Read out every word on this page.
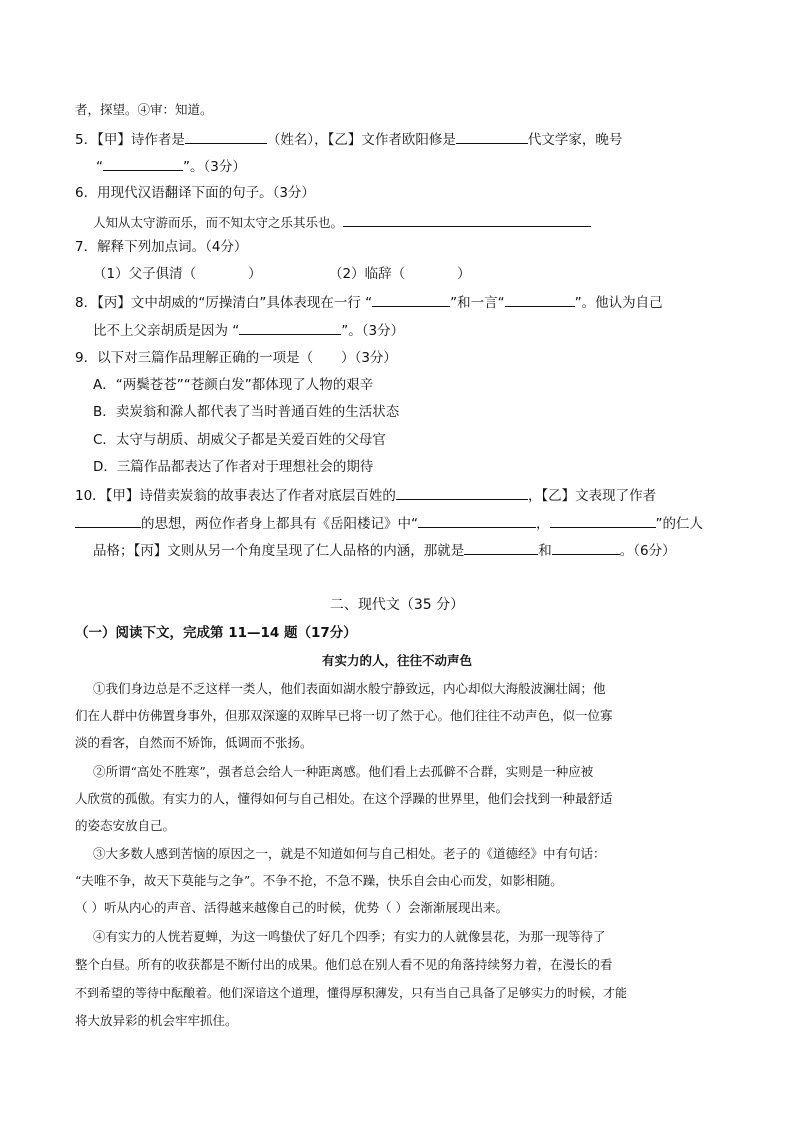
者，探望。④审：知道。
5．【甲】诗作者是	（姓名），【乙】文作者欧阳修是	代文学家，晚号
“	”。（3分）
6．用现代汉语翻译下面的句子。（3分）
人知从太守游而乐，而不知太守之乐其乐也。
7．解释下列加点词。（4分）
（1）父子俱清（	）	（2）临辞（	）
8．【丙】文中胡威的“厉操清白”具体表现在一行 “	”和一言“	”。他认为自己
比不上父亲胡质是因为 “	”。（3分）
9．以下对三篇作品理解正确的一项是（ ）（3分）
A．“两鬓苍苍”“苍颜白发”都体现了人物的艰辛
B．卖炭翁和滁人都代表了当时普通百姓的生活状态
C．太守与胡质、胡威父子都是关爱百姓的父母官
D．三篇作品都表达了作者对于理想社会的期待
10．【甲】诗借卖炭翁的故事表达了作者对底层百姓的	，【乙】文表现了作者
的思想，两位作者身上都具有《岳阳楼记》中“	，	”的仁人
品格；【丙】文则从另一个角度呈现了仁人品格的内涵，那就是	和	。（6分）
二、现代文（35 分）
（一）阅读下文，完成第 11—14 题（17分）
有实力的人，往往不动声色
①我们身边总是不乏这样一类人，他们表面如湖水般宁静致远，内心却似大海般波澜壮阔；他
们在人群中仿佛置身事外，但那双深邃的双眸早已将一切了然于心。他们往往不动声色，似一位寡
淡的看客，自然而不矫饰，低调而不张扬。
②所谓“高处不胜寒”，强者总会给人一种距离感。他们看上去孤僻不合群，实则是一种应被
人欣赏的孤傲。有实力的人，懂得如何与自己相处。在这个浮躁的世界里，他们会找到一种最舒适
的姿态安放自己。
③大多数人感到苦恼的原因之一，就是不知道如何与自己相处。老子的《道德经》中有句话：
“夫唯不争，故天下莫能与之争”。不争不抢，不急不躁，快乐自会由心而发，如影相随。
（ ）听从内心的声音、活得越来越像自己的时候，优势（ ）会渐渐展现出来。
④有实力的人恍若夏蝉，为这一鸣蛰伏了好几个四季；有实力的人就像昙花，为那一现等待了
整个白昼。所有的收获都是不断付出的成果。他们总在别人看不见的角落持续努力着，在漫长的看
不到希望的等待中酝酿着。他们深谙这个道理，懂得厚积薄发，只有当自己具备了足够实力的时候，才能
将大放异彩的机会牢牢抓住。
